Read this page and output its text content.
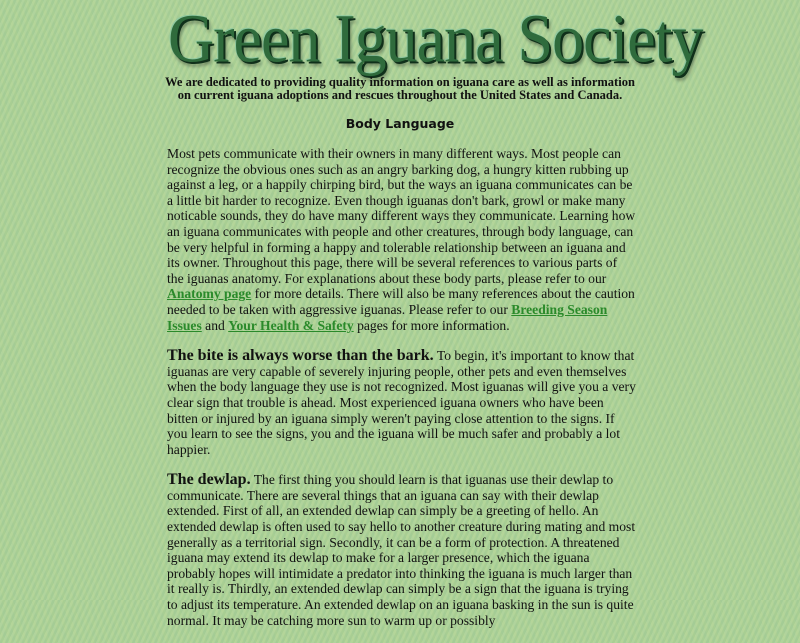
Green Iguana Society
We are dedicated to providing quality information on iguana care as well as information
on current iguana adoptions and rescues throughout the United States and Canada.
Body Language

Most pets communicate with their owners in many different ways. Most people can recognize the obvious ones such as an angry barking dog, a hungry kitten rubbing up against a leg, or a happily chirping bird, but the ways an iguana communicates can be a little bit harder to recognize. Even though iguanas don't bark, growl or make many noticable sounds, they do have many different ways they communicate. Learning how an iguana communicates with people and other creatures, through body language, can be very helpful in forming a happy and tolerable relationship between an iguana and its owner. Throughout this page, there will be several references to various parts of the iguanas anatomy. For explanations about these body parts, please refer to our Anatomy page for more details. There will also be many references about the caution needed to be taken with aggressive iguanas. Please refer to our Breeding Season Issues and Your Health & Safety pages for more information.

The bite is always worse than the bark. To begin, it's important to know that iguanas are very capable of severely injuring people, other pets and even themselves when the body language they use is not recognized. Most iguanas will give you a very clear sign that trouble is ahead. Most experienced iguana owners who have been bitten or injured by an iguana simply weren't paying close attention to the signs. If you learn to see the signs, you and the iguana will be much safer and probably a lot happier.

The dewlap. The first thing you should learn is that iguanas use their dewlap to communicate. There are several things that an iguana can say with their dewlap extended. First of all, an extended dewlap can simply be a greeting of hello. An extended dewlap is often used to say hello to another creature during mating and most generally as a territorial sign. Secondly, it can be a form of protection. A threatened iguana may extend its dewlap to make for a larger presence, which the iguana probably hopes will intimidate a predator into thinking the iguana is much larger than it really is. Thirdly, an extended dewlap can simply be a sign that the iguana is trying to adjust its temperature. An extended dewlap on an iguana basking in the sun is quite normal. It may be catching more sun to warm up or possibly
